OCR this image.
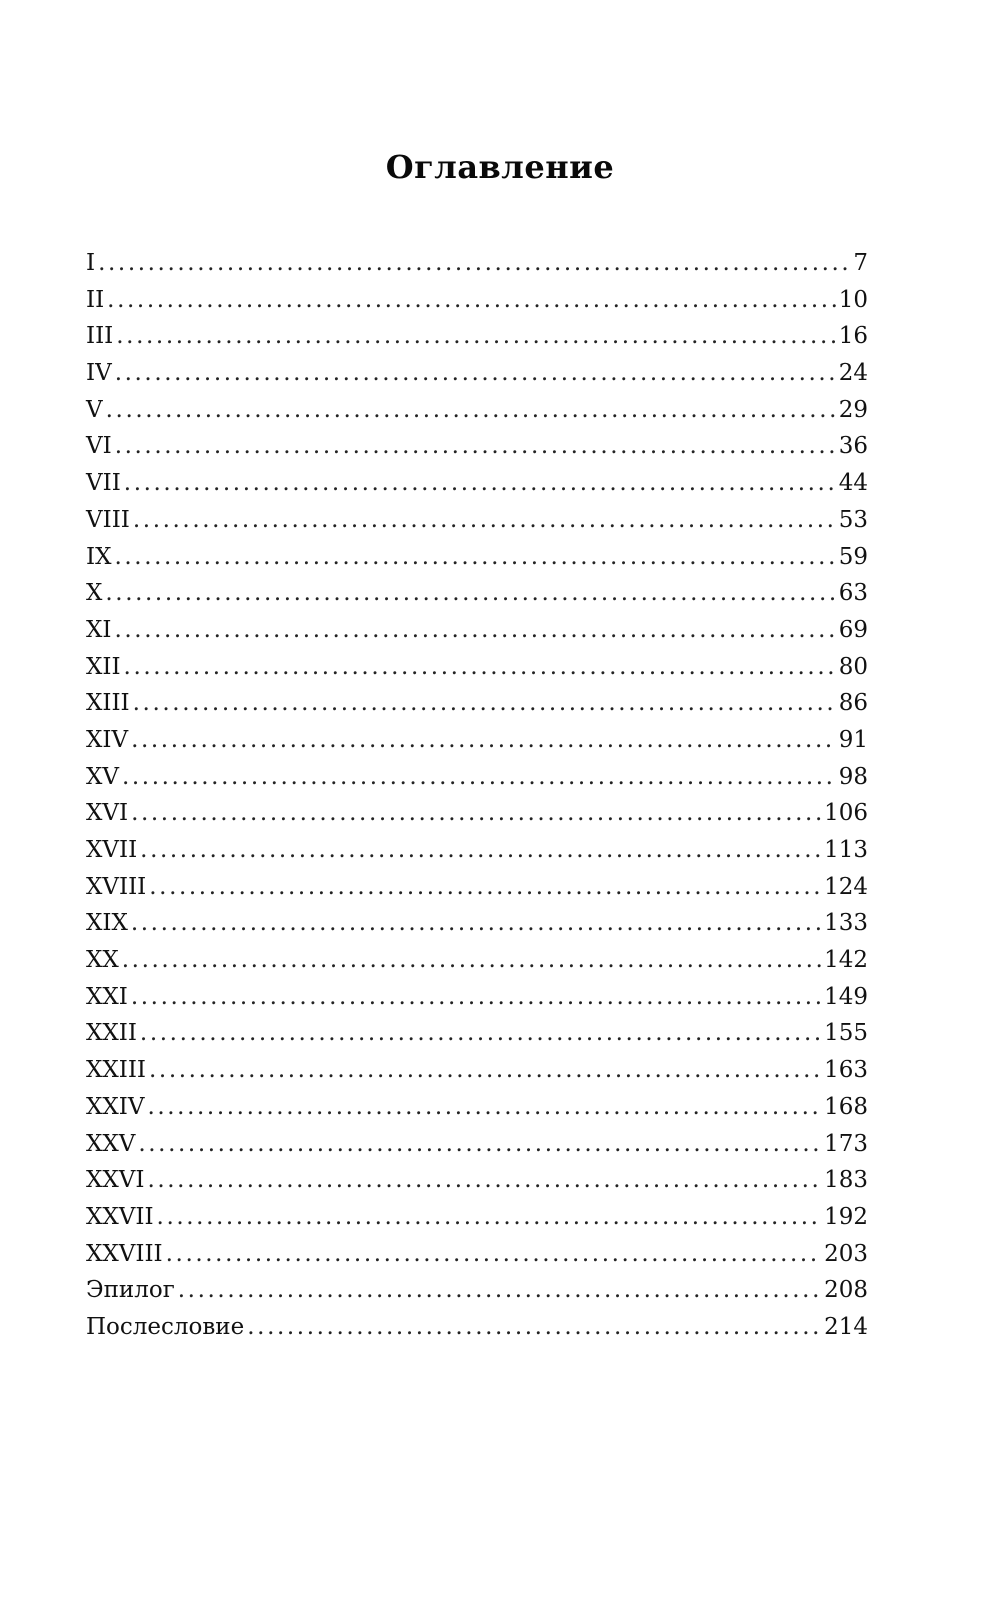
Оглавление
I .....	7
II .....	10
III .....	16
IV .....	24
V .....	29
VI .....	36
VII .....	44
VIII .....	53
IX .....	59
X .....	63
XI .....	69
XII .....	80
XIII .....	86
XIV .....	91
XV .....	98
XVI .....	106
XVII .....	113
XVIII .....	124
XIX .....	133
XX .....	142
XXI .....	149
XXII .....	155
XXIII .....	163
XXIV .....	168
XXV .....	173
XXVI .....	183
XXVII .....	192
XXVIII .....	203
Эпилог .....	208
Послесловие .....	214
